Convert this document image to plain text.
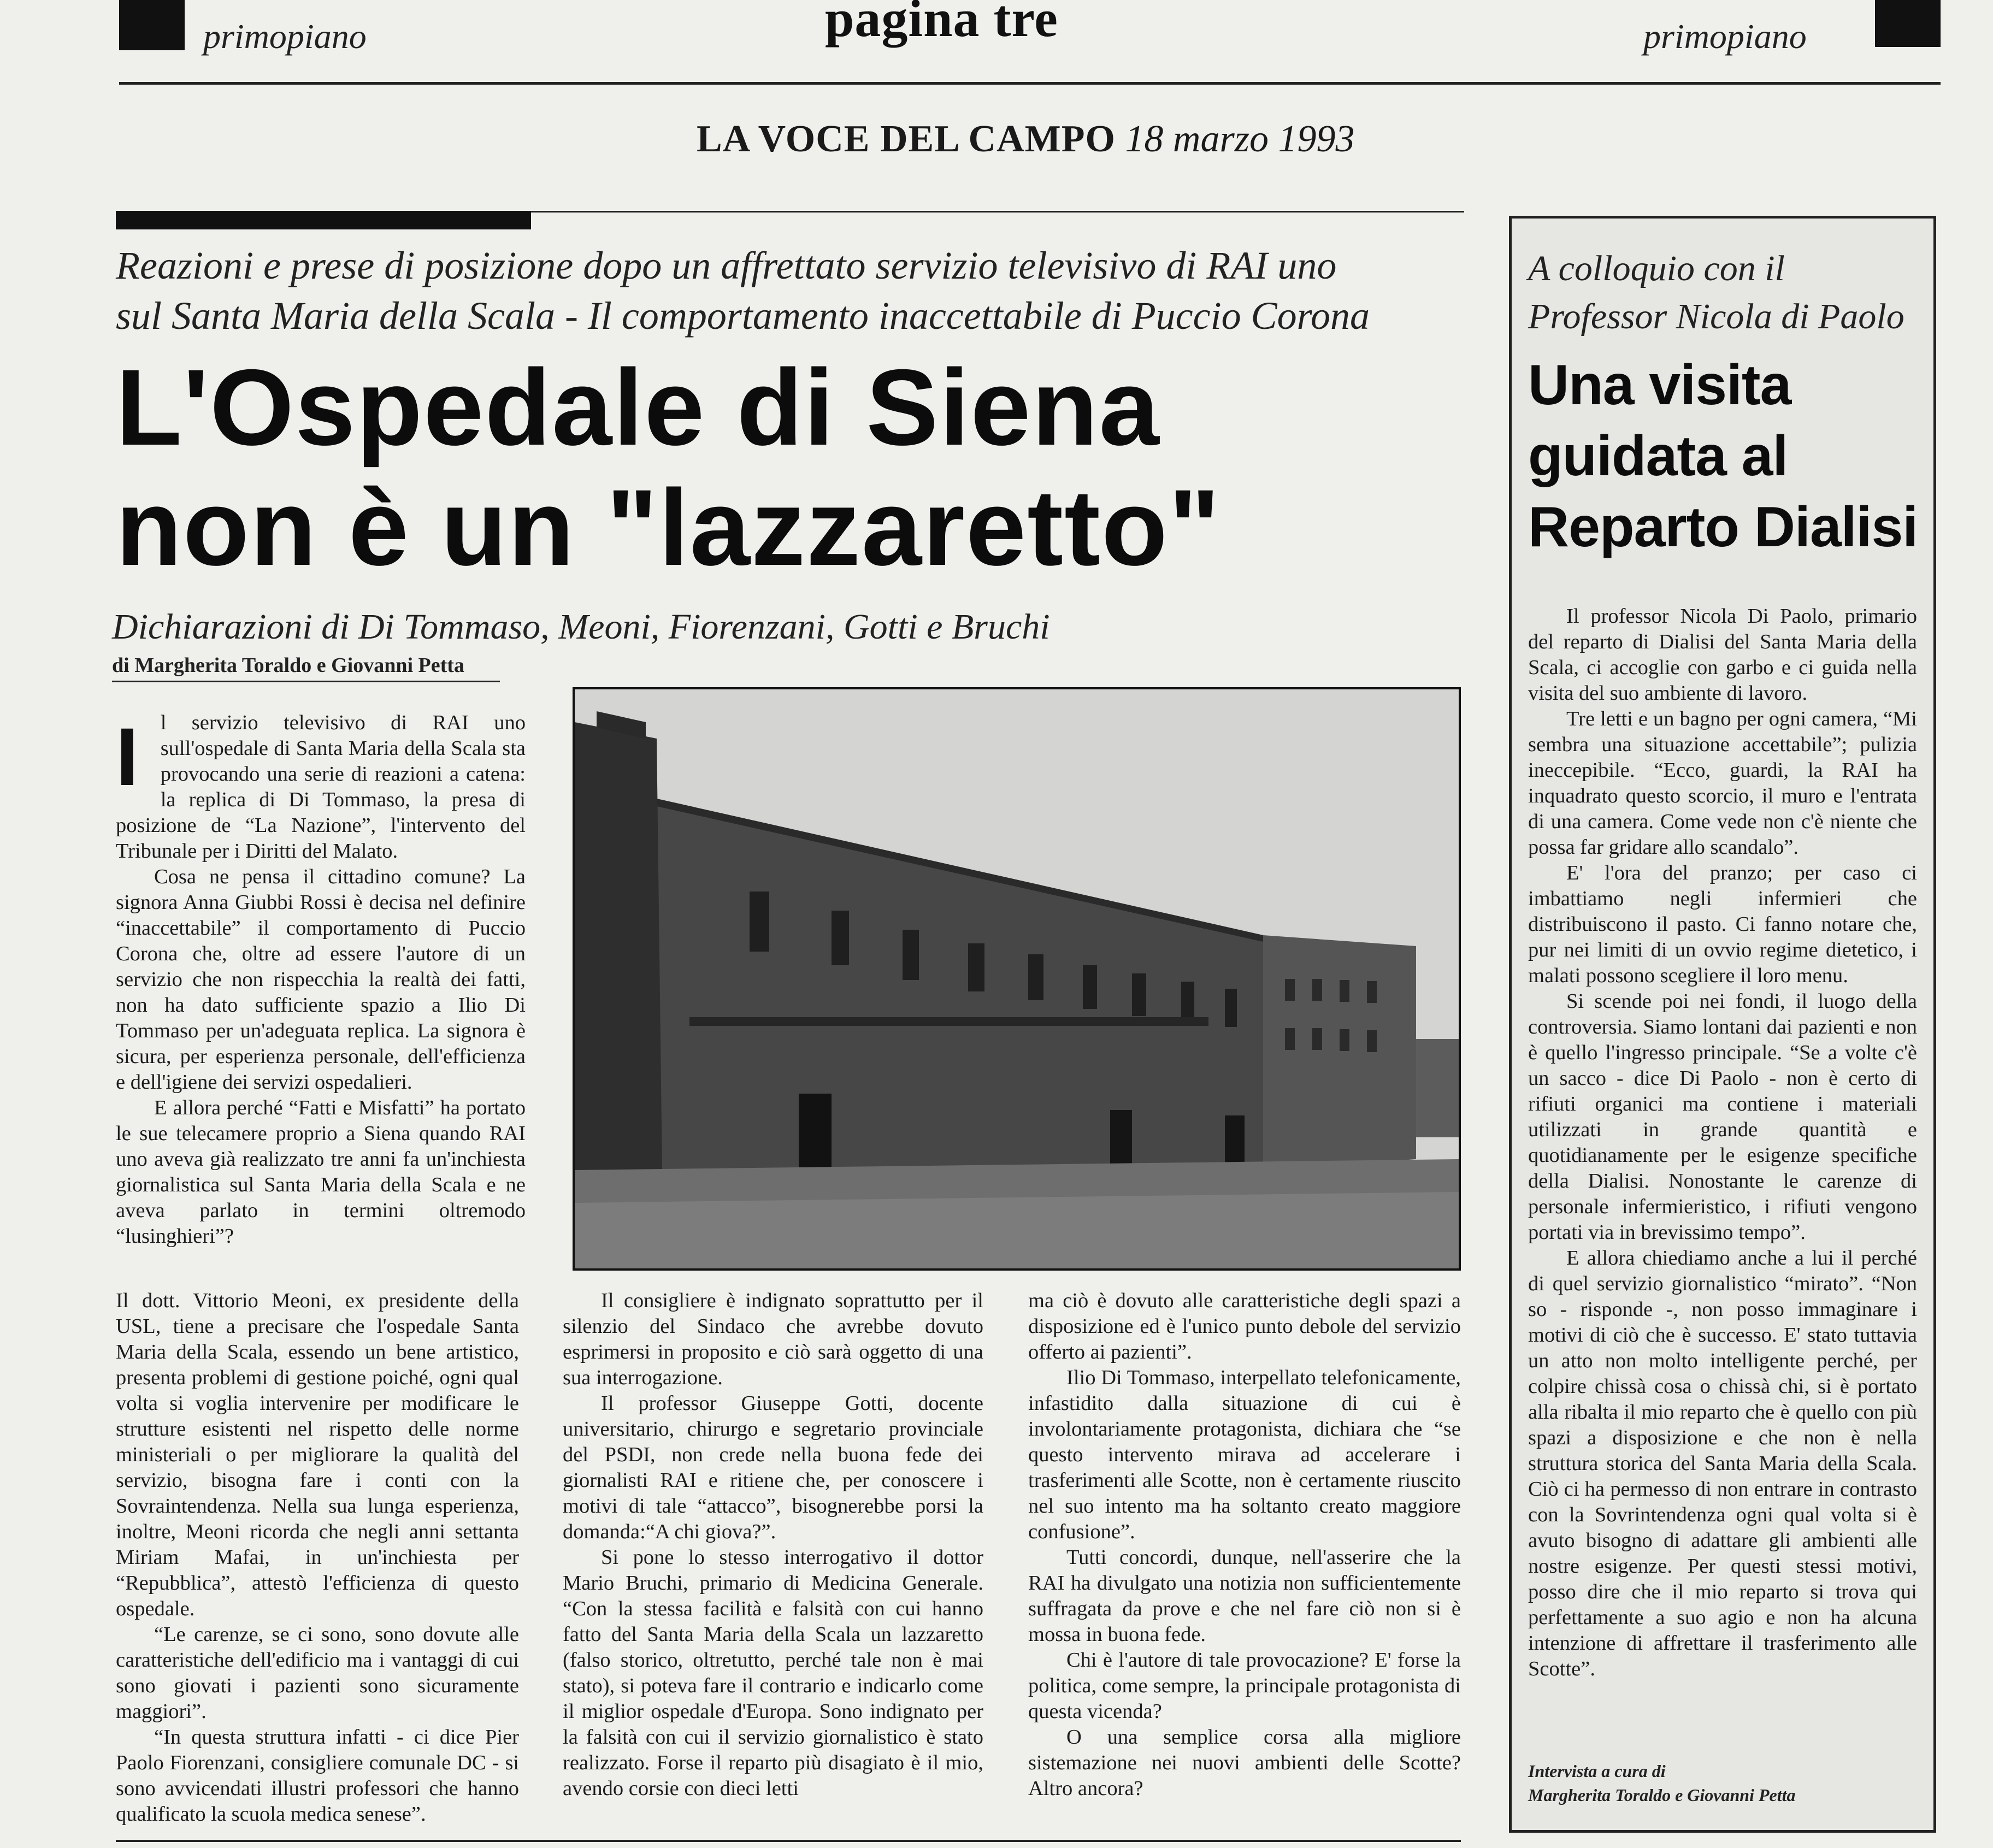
primopiano	pagina tre	primopiano
LA VOCE DEL CAMPO 18 marzo 1993
Reazioni e prese di posizione dopo un affrettato servizio televisivo di RAI uno
sul Santa Maria della Scala - Il comportamento inaccettabile di Puccio Corona
L'Ospedale di Siena
non è un "lazzaretto"
Dichiarazioni di Di Tommaso, Meoni, Fiorenzani, Gotti e Bruchi
di Margherita Toraldo e Giovanni Petta
I	l servizio televisivo di RAI uno sull'ospedale di Santa Maria della Scala sta provocando una serie di reazioni a catena: la replica di Di Tommaso, la presa di posizione de “La Nazione”, l'intervento del Tribunale per i Diritti del Malato.

Cosa ne pensa il cittadino comune? La signora Anna Giubbi Rossi è decisa nel definire “inaccettabile” il comportamento di Puccio Corona che, oltre ad essere l'autore di un servizio che non rispecchia la realtà dei fatti, non ha dato sufficiente spazio a Ilio Di Tommaso per un'adeguata replica. La signora è sicura, per esperienza personale, dell'efficienza e dell'igiene dei servizi ospedalieri.

E allora perché “Fatti e Misfatti” ha portato le sue telecamere proprio a Siena quando RAI uno aveva già realizzato tre anni fa un'inchiesta giornalistica sul Santa Maria della Scala e ne aveva parlato in termini oltremodo “lusinghieri”?

Il dott. Vittorio Meoni, ex presidente della USL, tiene a precisare che l'ospedale Santa Maria della Scala, essendo un bene artistico, presenta problemi di gestione poiché, ogni qual volta si voglia intervenire per modificare le strutture esistenti nel rispetto delle norme ministeriali o per migliorare la qualità del servizio, bisogna fare i conti con la Sovraintendenza. Nella sua lunga esperienza, inoltre, Meoni ricorda che negli anni settanta Miriam Mafai, in un'inchiesta per “Repubblica”, attestò l'efficienza di questo ospedale.

“Le carenze, se ci sono, sono dovute alle caratteristiche dell'edificio ma i vantaggi di cui sono giovati i pazienti sono sicuramente maggiori”.

“In questa struttura infatti - ci dice Pier Paolo Fiorenzani, consigliere comunale DC - si sono avvicendati illustri professori che hanno qualificato la scuola medica senese”.

Il consigliere è indignato soprattutto per il silenzio del Sindaco che avrebbe dovuto esprimersi in proposito e ciò sarà oggetto di una sua interrogazione.

Il professor Giuseppe Gotti, docente universitario, chirurgo e segretario provinciale del PSDI, non crede nella buona fede dei giornalisti RAI e ritiene che, per conoscere i motivi di tale “attacco”, bisognerebbe porsi la domanda:“A chi giova?”.

Si pone lo stesso interrogativo il dottor Mario Bruchi, primario di Medicina Generale. “Con la stessa facilità e falsità con cui hanno fatto del Santa Maria della Scala un lazzaretto (falso storico, oltretutto, perché tale non è mai stato), si poteva fare il contrario e indicarlo come il miglior ospedale d'Europa. Sono indignato per la falsità con cui il servizio giornalistico è stato realizzato. Forse il reparto più disagiato è il mio, avendo corsie con dieci letti

ma ciò è dovuto alle caratteristiche degli spazi a disposizione ed è l'unico punto debole del servizio offerto ai pazienti”.

Ilio Di Tommaso, interpellato telefonicamente, infastidito dalla situazione di cui è involontariamente protagonista, dichiara che “se questo intervento mirava ad accelerare i trasferimenti alle Scotte, non è certamente riuscito nel suo intento ma ha soltanto creato maggiore confusione”.

Tutti concordi, dunque, nell'asserire che la RAI ha divulgato una notizia non sufficientemente suffragata da prove e che nel fare ciò non si è mossa in buona fede.

Chi è l'autore di tale provocazione? E' forse la politica, come sempre, la principale protagonista di questa vicenda?

O una semplice corsa alla migliore sistemazione nei nuovi ambienti delle Scotte? Altro ancora?

A colloquio con il
Professor Nicola di Paolo
Una visita
guidata al
Reparto Dialisi

Il professor Nicola Di Paolo, primario del reparto di Dialisi del Santa Maria della Scala, ci accoglie con garbo e ci guida nella visita del suo ambiente di lavoro.

Tre letti e un bagno per ogni camera, “Mi sembra una situazione accettabile”; pulizia ineccepibile. “Ecco, guardi, la RAI ha inquadrato questo scorcio, il muro e l'entrata di una camera. Come vede non c'è niente che possa far gridare allo scandalo”.

E' l'ora del pranzo; per caso ci imbattiamo negli infermieri che distribuiscono il pasto. Ci fanno notare che, pur nei limiti di un ovvio regime dietetico, i malati possono scegliere il loro menu.

Si scende poi nei fondi, il luogo della controversia. Siamo lontani dai pazienti e non è quello l'ingresso principale. “Se a volte c'è un sacco - dice Di Paolo - non è certo di rifiuti organici ma contiene i materiali utilizzati in grande quantità e quotidianamente per le esigenze specifiche della Dialisi. Nonostante le carenze di personale infermieristico, i rifiuti vengono portati via in brevissimo tempo”.

E allora chiediamo anche a lui il perché di quel servizio giornalistico “mirato”. “Non so - risponde -, non posso immaginare i motivi di ciò che è successo. E' stato tuttavia un atto non molto intelligente perché, per colpire chissà cosa o chissà chi, si è portato alla ribalta il mio reparto che è quello con più spazi a disposizione e che non è nella struttura storica del Santa Maria della Scala. Ciò ci ha permesso di non entrare in contrasto con la Sovrintendenza ogni qual volta si è avuto bisogno di adattare gli ambienti alle nostre esigenze. Per questi stessi motivi, posso dire che il mio reparto si trova qui perfettamente a suo agio e non ha alcuna intenzione di affrettare il trasferimento alle Scotte”.

Intervista a cura di
Margherita Toraldo e Giovanni Petta
